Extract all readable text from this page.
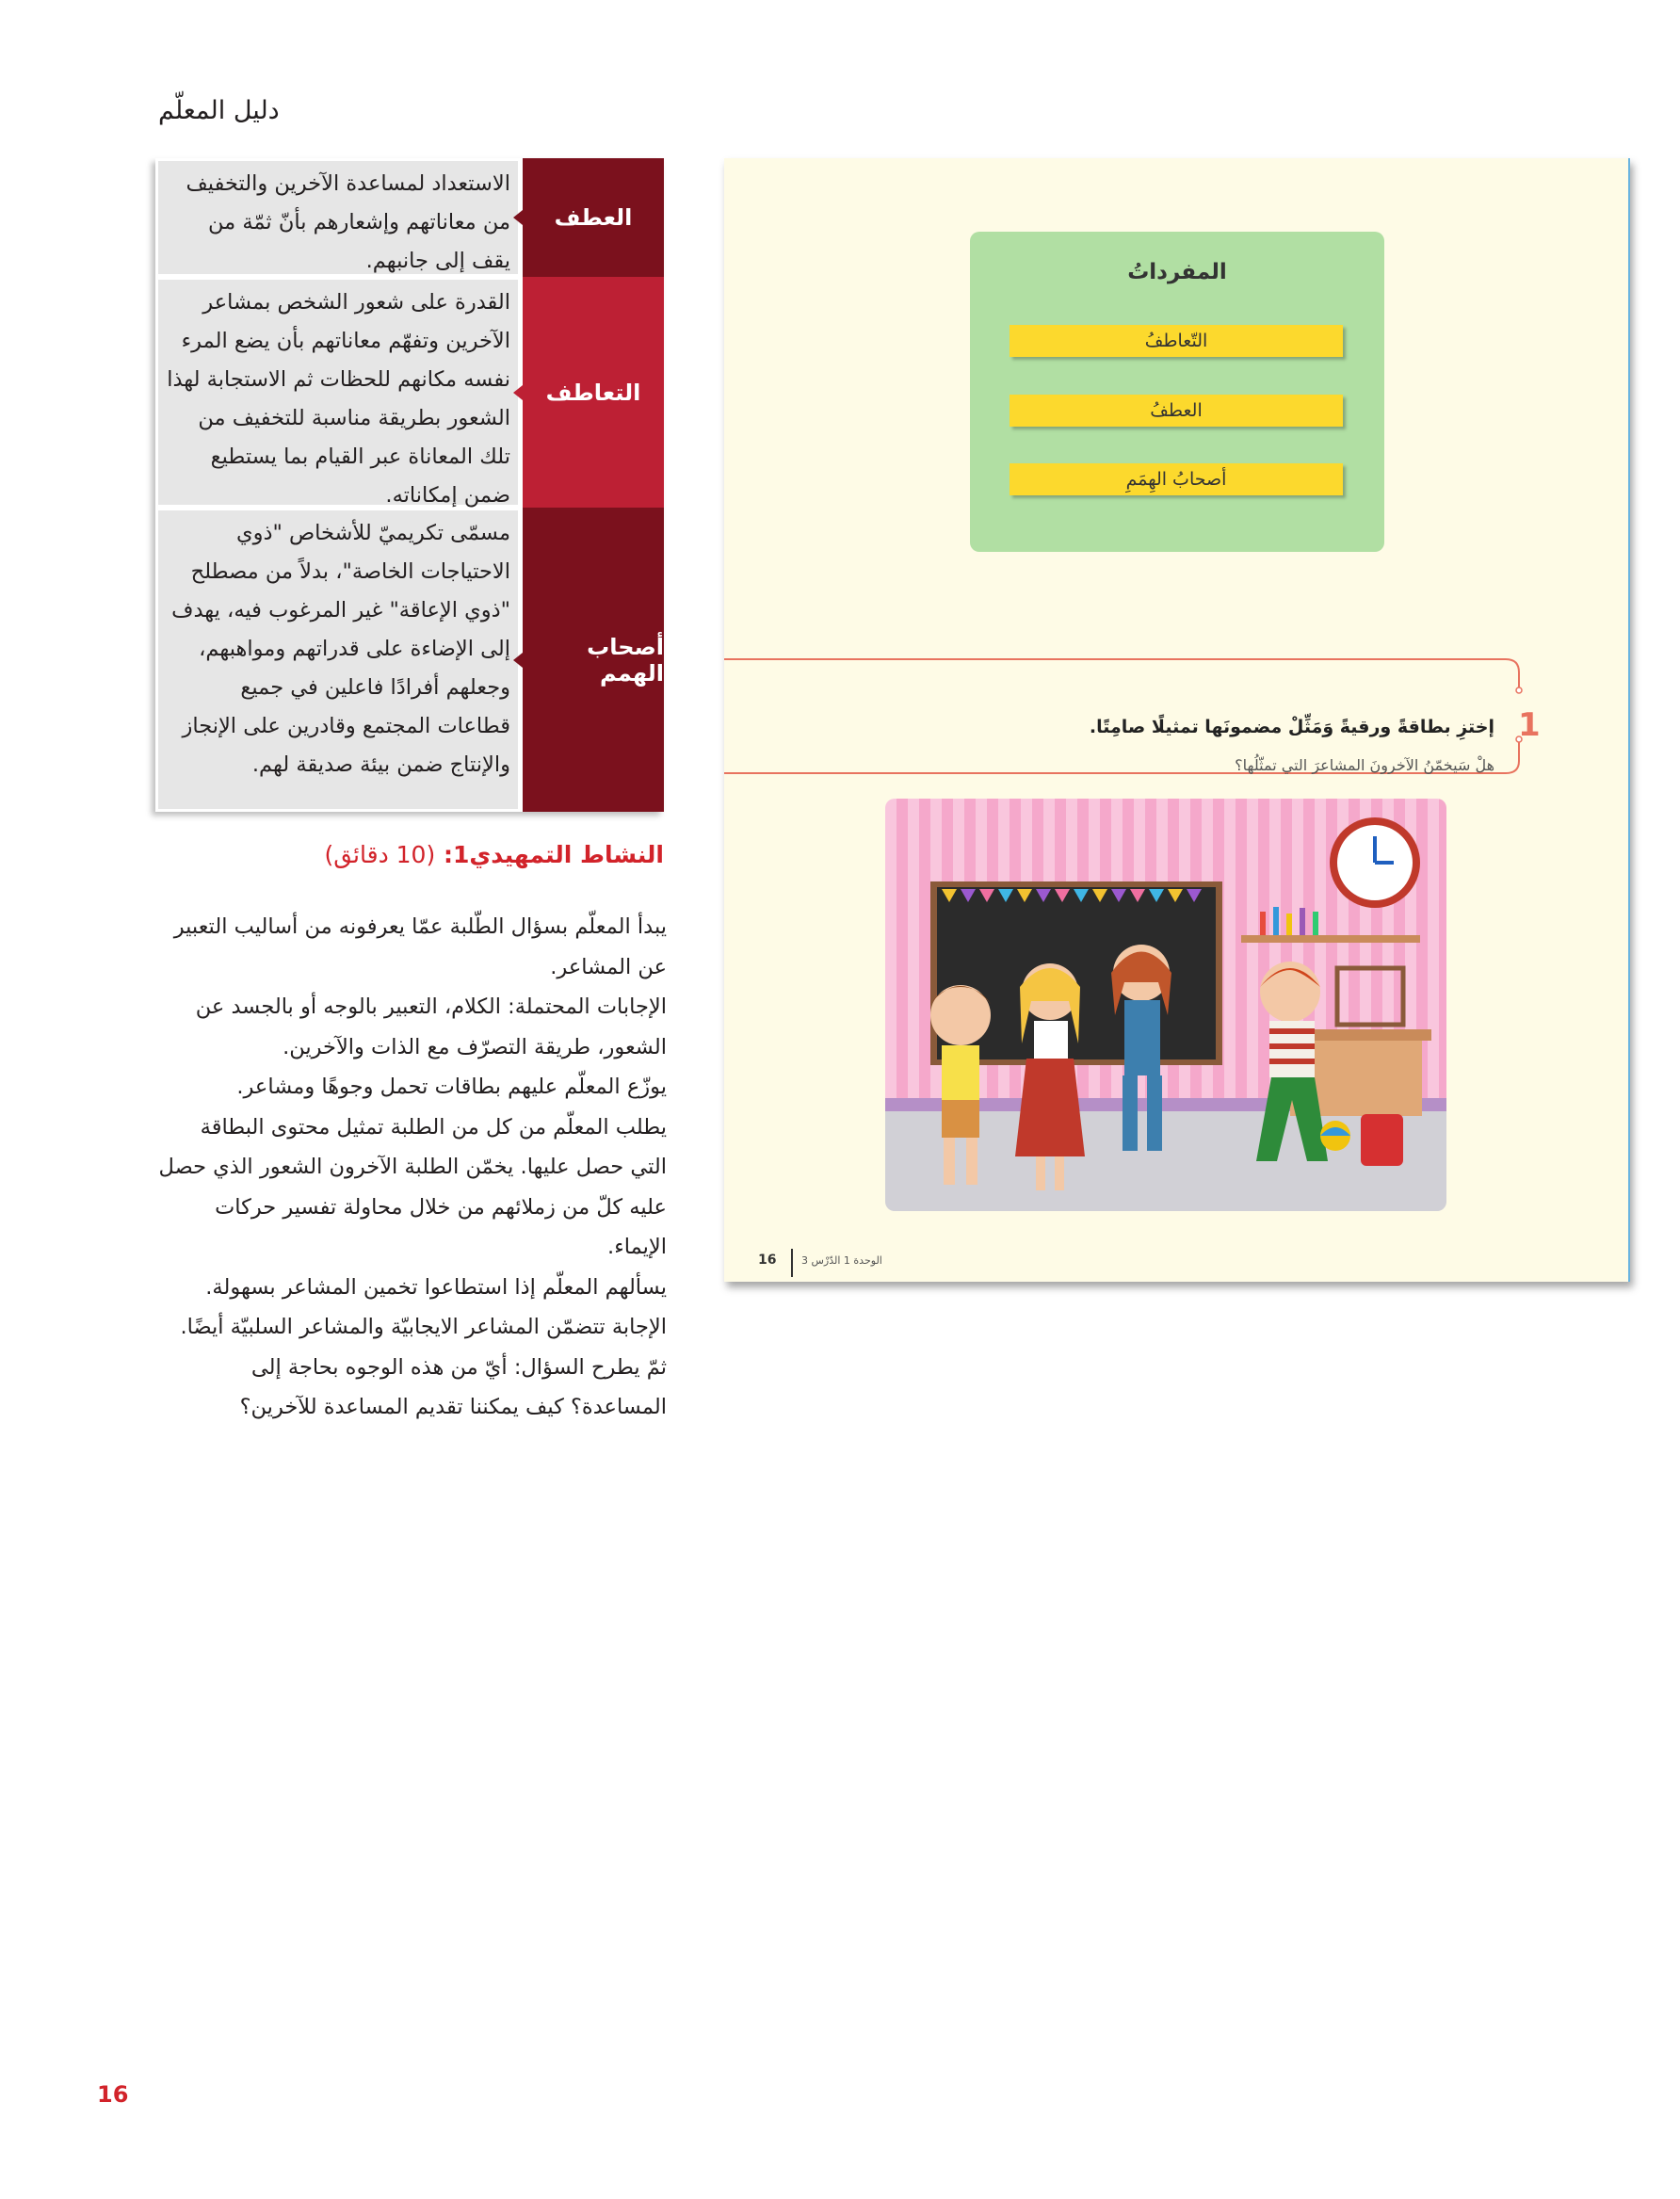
دليل المعلّم
الاستعداد لمساعدة الآخرين والتخفيف من معاناتهم وإشعارهم بأنّ ثمّة من يقف إلى جانبهم.
العطف
القدرة على شعور الشخص بمشاعر الآخرين وتفهّم معاناتهم بأن يضع المرء نفسه مكانهم للحظات ثم الاستجابة لهذا الشعور بطريقة مناسبة للتخفيف من تلك المعاناة عبر القيام بما يستطيع ضمن إمكاناته.
التعاطف
مسمّى تكريميّ للأشخاص "ذوي الاحتياجات الخاصة"، بدلاً من مصطلح "ذوي الإعاقة" غير المرغوب فيه، يهدف إلى الإضاءة على قدراتهم ومواهبهم، وجعلهم أفرادًا فاعلين في جميع قطاعات المجتمع وقادرين على الإنجاز والإنتاج ضمن بيئة صديقة لهم.
أصحاب الهمم
النشاط التمهيدي1: (10 دقائق)

يبدأ المعلّم بسؤال الطّلبة عمّا يعرفونه من أساليب التعبير عن المشاعر.

الإجابات المحتملة: الكلام، التعبير بالوجه أو بالجسد عن الشعور، طريقة التصرّف مع الذات والآخرين.

يوزّع المعلّم عليهم بطاقات تحمل وجوهًا ومشاعر.

يطلب المعلّم من كل من الطلبة تمثيل محتوى البطاقة التي حصل عليها. يخمّن الطلبة الآخرون الشعور الذي حصل عليه كلّ من زملائهم من خلال محاولة تفسير حركات الإيماء.

يسألهم المعلّم إذا استطاعوا تخمين المشاعر بسهولة. الإجابة تتضمّن المشاعر الايجابيّة والمشاعر السلبيّة أيضًا. ثمّ يطرح السؤال: أيّ من هذه الوجوه بحاجة إلى المساعدة؟ كيف يمكننا تقديم المساعدة للآخرين؟

16
المفرداتُ
التّعاطفُ
العطفُ
أصحابُ الهِمَمِ
1
إختزِ بطاقةً ورقيةً وَمَثِّلْ مضمونَها تمثيلًا صامِتًا.
هلْ سَيخمّنُ الآخرونَ المشاعرَ التي تمثّلُها؟
16 الوحدة 1 الدّرْس 3
